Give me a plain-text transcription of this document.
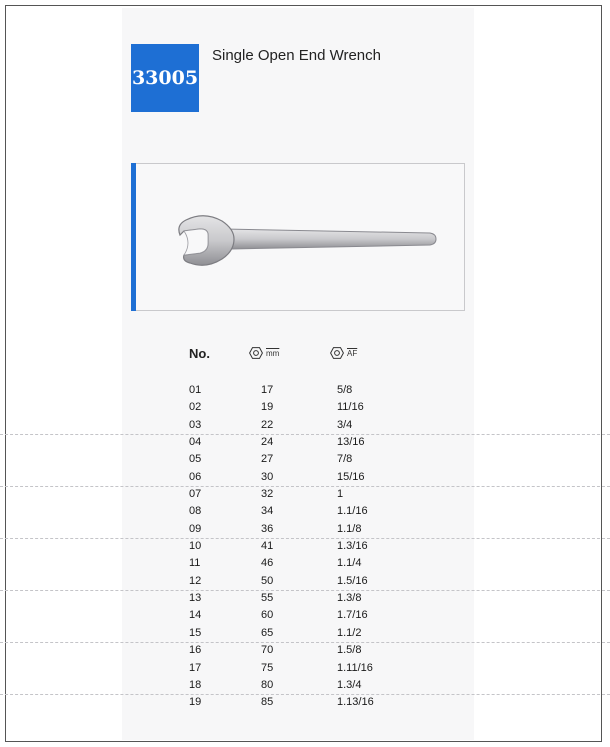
33005
Single Open End Wrench
No.	$\overline{mm}$	$\overline{AF}$
01	17	5/8
02	19	11/16
03	22	3/4
04	24	13/16
05	27	7/8
06	30	15/16
07	32	1
08	34	1.1/16
09	36	1.1/8
10	41	1.3/16
11	46	1.1/4
12	50	1.5/16
13	55	1.3/8
14	60	1.7/16
15	65	1.1/2
16	70	1.5/8
17	75	1.11/16
18	80	1.3/4
19	85	1.13/16
